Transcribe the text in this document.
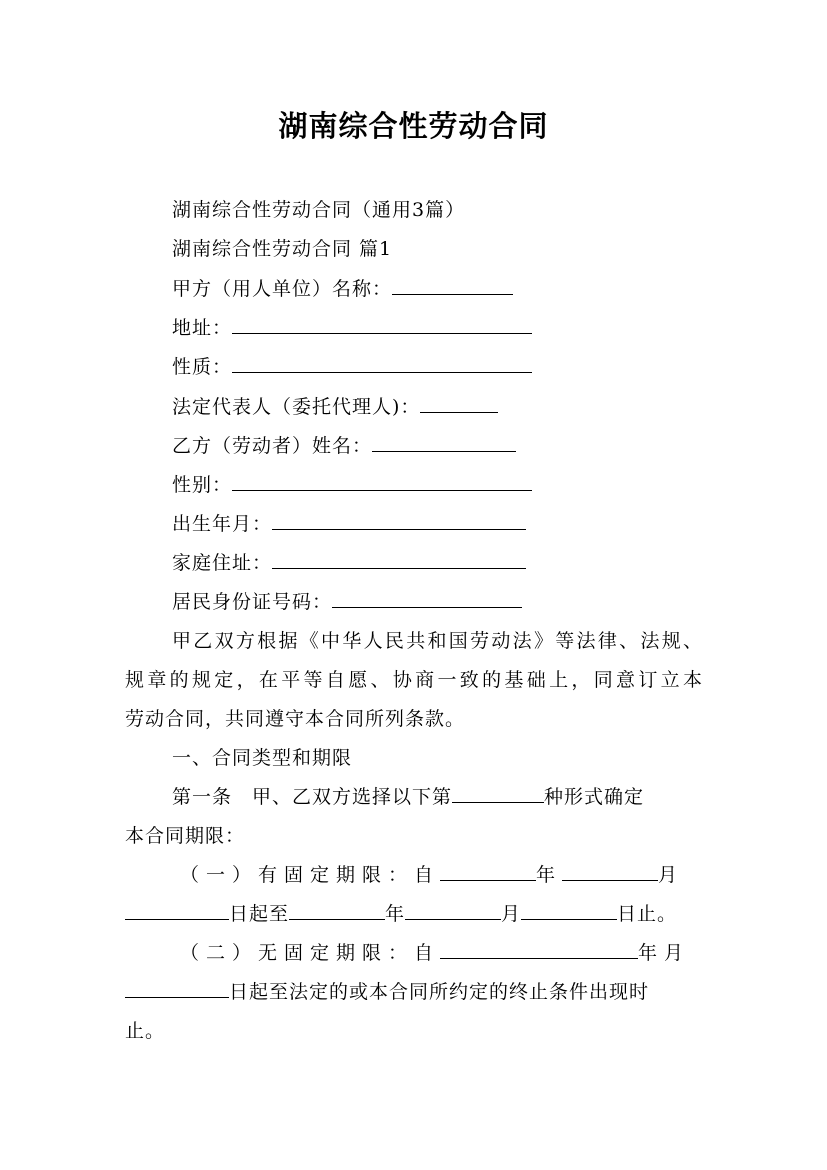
湖南综合性劳动合同
湖南综合性劳动合同（通用3篇）
湖南综合性劳动合同 篇1
甲方（用人单位）名称：
地址：
性质：
法定代表人（委托代理人)：
乙方（劳动者）姓名：
性别：
出生年月：
家庭住址：
居民身份证号码：
甲乙双方根据《中华人民共和国劳动法》等法律、法规、
规章的规定，在平等自愿、协商一致的基础上，同意订立本
劳动合同，共同遵守本合同所列条款。
一、合同类型和期限
第一条　甲、乙双方选择以下第	种形式确定
本合同期限：
（一）有固定期限：自	年	月
日起至	年	月	日止。
（二）无固定期限：自	年月
日起至法定的或本合同所约定的终止条件出现时
止。
